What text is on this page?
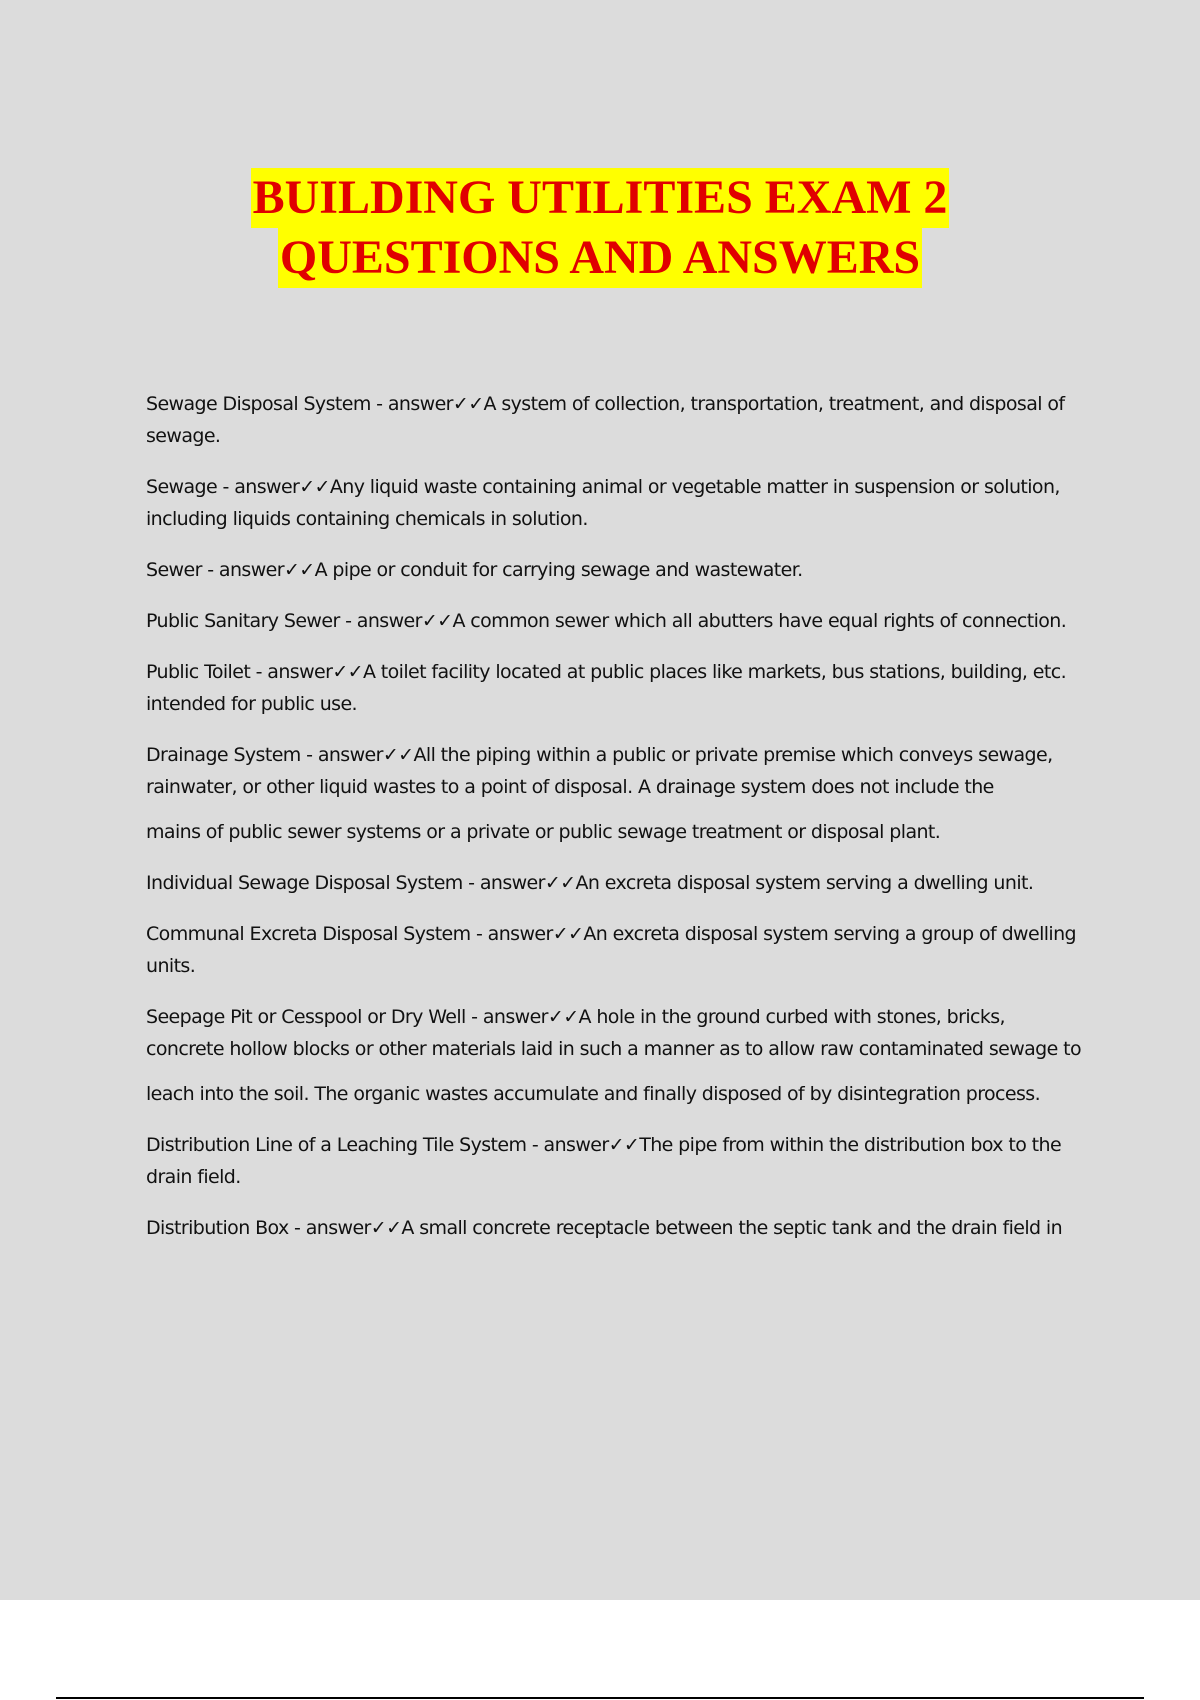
BUILDING UTILITIES EXAM 2
QUESTIONS AND ANSWERS

Sewage Disposal System - answer✓✓A system of collection, transportation, treatment, and disposal of sewage.

Sewage - answer✓✓Any liquid waste containing animal or vegetable matter in suspension or solution, including liquids containing chemicals in solution.

Sewer - answer✓✓A pipe or conduit for carrying sewage and wastewater.

Public Sanitary Sewer - answer✓✓A common sewer which all abutters have equal rights of connection.

Public Toilet - answer✓✓A toilet facility located at public places like markets, bus stations, building, etc. intended for public use.

Drainage System - answer✓✓All the piping within a public or private premise which conveys sewage, rainwater, or other liquid wastes to a point of disposal. A drainage system does not include the

mains of public sewer systems or a private or public sewage treatment or disposal plant.

Individual Sewage Disposal System - answer✓✓An excreta disposal system serving a dwelling unit.

Communal Excreta Disposal System - answer✓✓An excreta disposal system serving a group of dwelling units.

Seepage Pit or Cesspool or Dry Well - answer✓✓A hole in the ground curbed with stones, bricks, concrete hollow blocks or other materials laid in such a manner as to allow raw contaminated sewage to

leach into the soil. The organic wastes accumulate and finally disposed of by disintegration process.

Distribution Line of a Leaching Tile System - answer✓✓The pipe from within the distribution box to the drain field.

Distribution Box - answer✓✓A small concrete receptacle between the septic tank and the drain field in
